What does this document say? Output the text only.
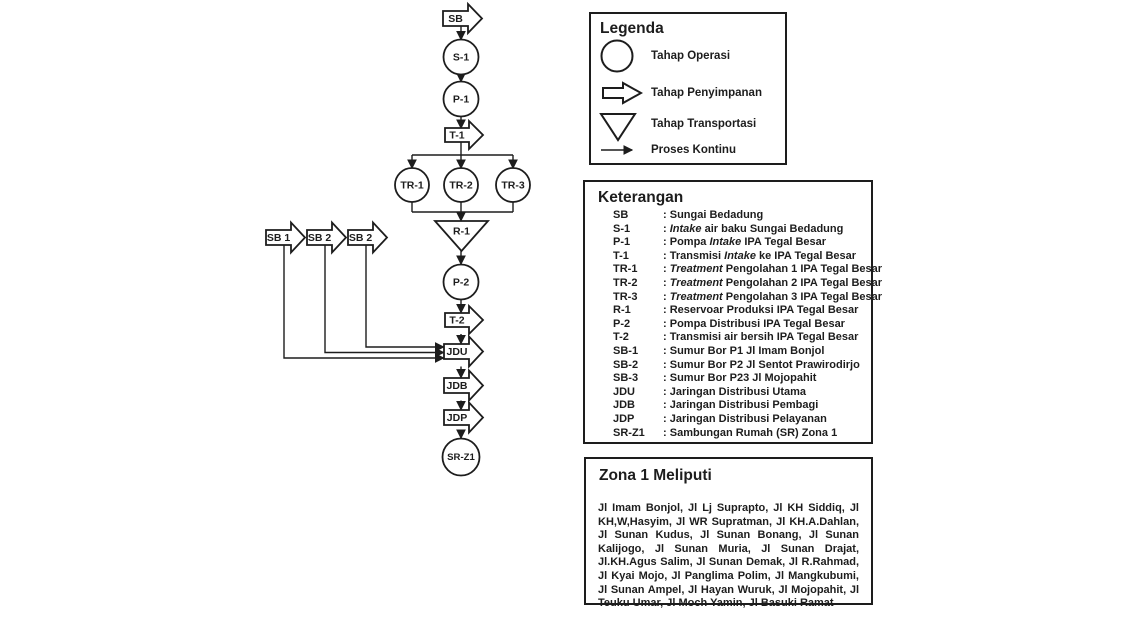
SB
S-1
P-1
T-1
TR-1 TR-2	TR-3
R-1
P-2
T-2
SB 1 SB 2 SB 2
JDU
JDB
JDP
SR-Z1
Legenda
Tahap Operasi
Tahap Penyimpanan
Tahap Transportasi
Proses Kontinu
Keterangan
SB	: Sungai Bedadung
S-1	: Intake air baku Sungai Bedadung
P-1	: Pompa Intake IPA Tegal Besar
T-1	: Transmisi Intake ke IPA Tegal Besar
TR-1	: Treatment Pengolahan 1 IPA Tegal Besar
TR-2	: Treatment Pengolahan 2 IPA Tegal Besar
TR-3	: Treatment Pengolahan 3 IPA Tegal Besar
R-1	: Reservoar Produksi IPA Tegal Besar
P-2	: Pompa Distribusi IPA Tegal Besar
T-2	: Transmisi air bersih IPA Tegal Besar
SB-1	: Sumur Bor P1 Jl Imam Bonjol
SB-2	: Sumur Bor P2 Jl Sentot Prawirodirjo
SB-3	: Sumur Bor P23 Jl Mojopahit
JDU	: Jaringan Distribusi Utama
JDB	: Jaringan Distribusi Pembagi
JDP	: Jaringan Distribusi Pelayanan
SR-Z1	: Sambungan Rumah (SR) Zona 1
Zona 1 Meliputi
Jl Imam Bonjol, Jl Lj Suprapto, Jl KH Siddiq, Jl KH,W,Hasyim, Jl WR Supratman, Jl KH.A.Dahlan, Jl Sunan Kudus, Jl Sunan Bonang, Jl Sunan Kalijogo, Jl Sunan Muria, Jl Sunan Drajat, Jl.KH.Agus Salim, Jl Sunan Demak, Jl R.Rahmad, Jl Kyai Mojo, Jl Panglima Polim, Jl Mangkubumi, Jl Sunan Ampel, Jl Hayan Wuruk, Jl Mojopahit, Jl Teuku Umar, Jl Moch Yamin, Jl Basuki Ramat
